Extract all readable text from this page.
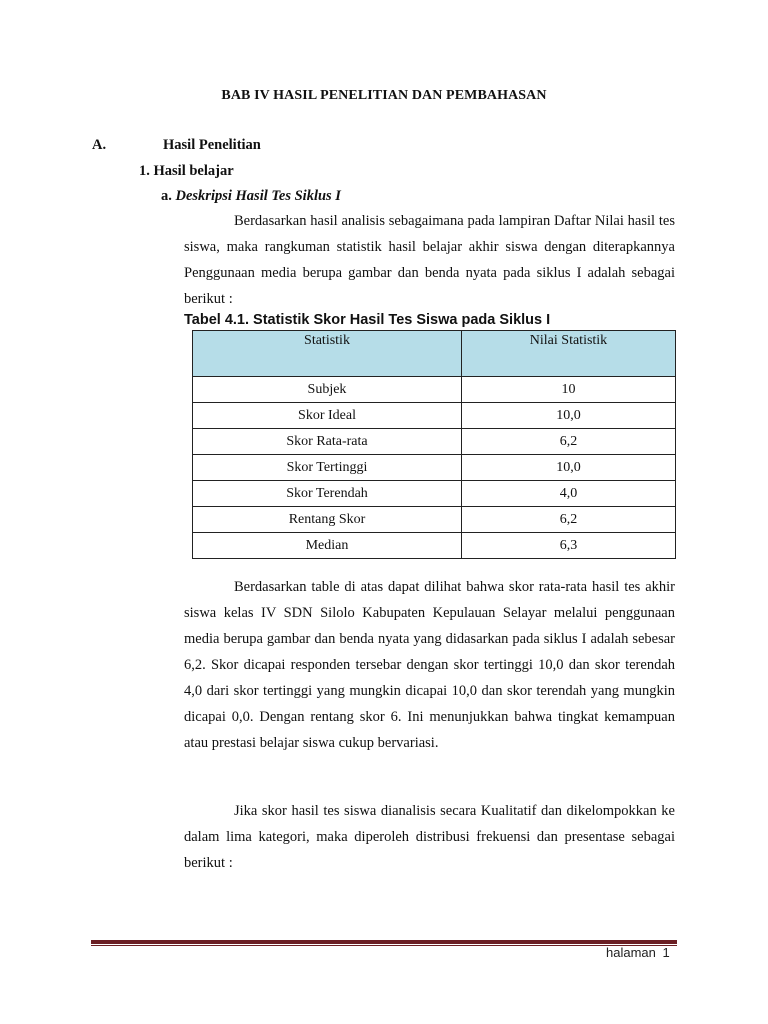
BAB IV HASIL PENELITIAN DAN PEMBAHASAN
A.	Hasil Penelitian
1. Hasil belajar
a. Deskripsi Hasil Tes Siklus I
Berdasarkan hasil analisis sebagaimana pada lampiran Daftar Nilai hasil tes siswa, maka rangkuman statistik hasil belajar akhir siswa dengan diterapkannya Penggunaan media berupa gambar dan benda nyata pada siklus I adalah sebagai berikut :
Tabel 4.1. Statistik Skor Hasil Tes Siswa pada Siklus I
Statistik	Nilai Statistik
Subjek	10
Skor Ideal	10,0
Skor Rata-rata	6,2
Skor Tertinggi	10,0
Skor Terendah	4,0
Rentang Skor	6,2
Median	6,3
Berdasarkan table di atas dapat dilihat bahwa skor rata-rata hasil tes akhir siswa kelas IV SDN Silolo Kabupaten Kepulauan Selayar melalui penggunaan media berupa gambar dan benda nyata yang didasarkan pada siklus I adalah sebesar 6,2. Skor dicapai responden tersebar dengan skor tertinggi 10,0 dan skor terendah 4,0 dari skor tertinggi yang mungkin dicapai 10,0 dan skor terendah yang mungkin dicapai 0,0. Dengan rentang skor 6. Ini menunjukkan bahwa tingkat kemampuan atau prestasi belajar siswa cukup bervariasi.
Jika skor hasil tes siswa dianalisis secara Kualitatif dan dikelompokkan ke dalam lima kategori, maka diperoleh distribusi frekuensi dan presentase sebagai berikut :
halaman 1
